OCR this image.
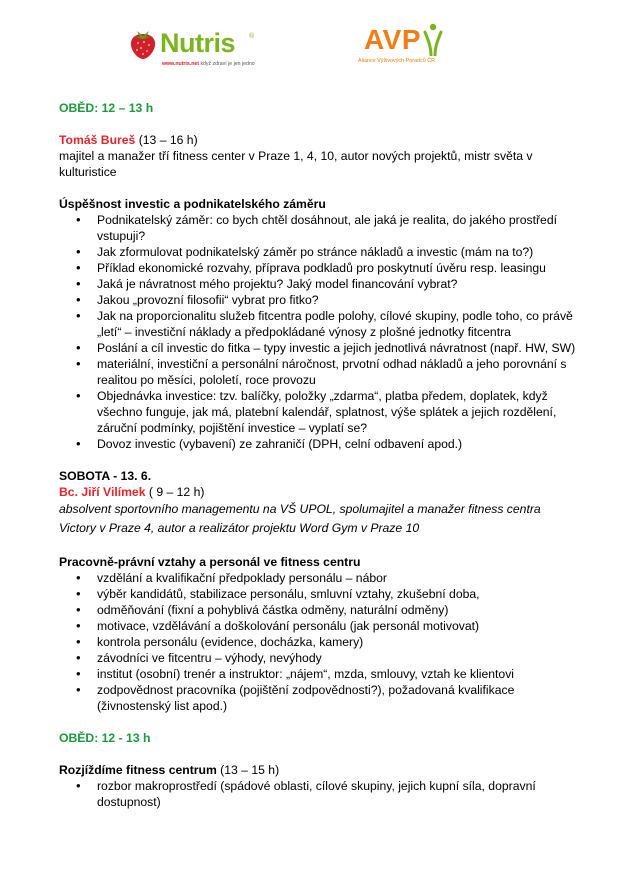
Nutris ®
www.nutris.net když zdraví je jen jedno
AVP
Aliance Výživových Poradců ČR

OBĚD: 12 – 13 h

Tomáš Bureš (13 – 16 h)

majitel a manažer tří fitness center v Praze 1, 4, 10, autor nových projektů, mistr světa v kulturistice

Úspěšnost investic a podnikatelského záměru
• Podnikatelský záměr: co bych chtěl dosáhnout, ale jaká je realita, do jakého prostředí vstupuji?
• Jak zformulovat podnikatelský záměr po stránce nákladů a investic (mám na to?)
• Příklad ekonomické rozvahy, příprava podkladů pro poskytnutí úvěru resp. leasingu
• Jaká je návratnost mého projektu? Jaký model financování vybrat?
• Jakou „provozní filosofii“ vybrat pro fitko?
• Jak na proporcionalitu služeb fitcentra podle polohy, cílové skupiny, podle toho, co právě „letí“ – investiční náklady a předpokládané výnosy z plošné jednotky fitcentra
• Poslání a cíl investic do fitka – typy investic a jejich jednotlivá návratnost (např. HW, SW)
• materiální, investiční a personální náročnost, prvotní odhad nákladů a jeho porovnání s realitou po měsíci, pololetí, roce provozu
• Objednávka investice: tzv. balíčky, položky „zdarma“, platba předem, doplatek, když všechno funguje, jak má, platební kalendář, splatnost, výše splátek a jejich rozdělení, záruční podmínky, pojištění investice – vyplatí se?
• Dovoz investic (vybavení) ze zahraničí (DPH, celní odbavení apod.)

SOBOTA - 13. 6.

Bc. Jiří Vilímek ( 9 – 12 h)

absolvent sportovního managementu na VŠ UPOL, spolumajitel a manažer fitness centra Victory v Praze 4, autor a realizátor projektu Word Gym v Praze 10

Pracovně-právní vztahy a personál ve fitness centru
• vzdělání a kvalifikační předpoklady personálu – nábor
• výběr kandidátů, stabilizace personálu, smluvní vztahy, zkušební doba,
• odměňování (fixní a pohyblivá částka odměny, naturální odměny)
• motivace, vzdělávání a doškolování personálu (jak personál motivovat)
• kontrola personálu (evidence, docházka, kamery)
• závodníci ve fitcentru – výhody, nevýhody
• institut (osobní) trenér a instruktor: „nájem“, mzda, smlouvy, vztah ke klientovi
• zodpovědnost pracovníka (pojištění zodpovědnosti?), požadovaná kvalifikace (živnostenský list apod.)

OBĚD: 12 - 13 h

Rozjíždíme fitness centrum (13 – 15 h)

• rozbor makroprostředí (spádové oblasti, cílové skupiny, jejich kupní síla, dopravní dostupnost)
